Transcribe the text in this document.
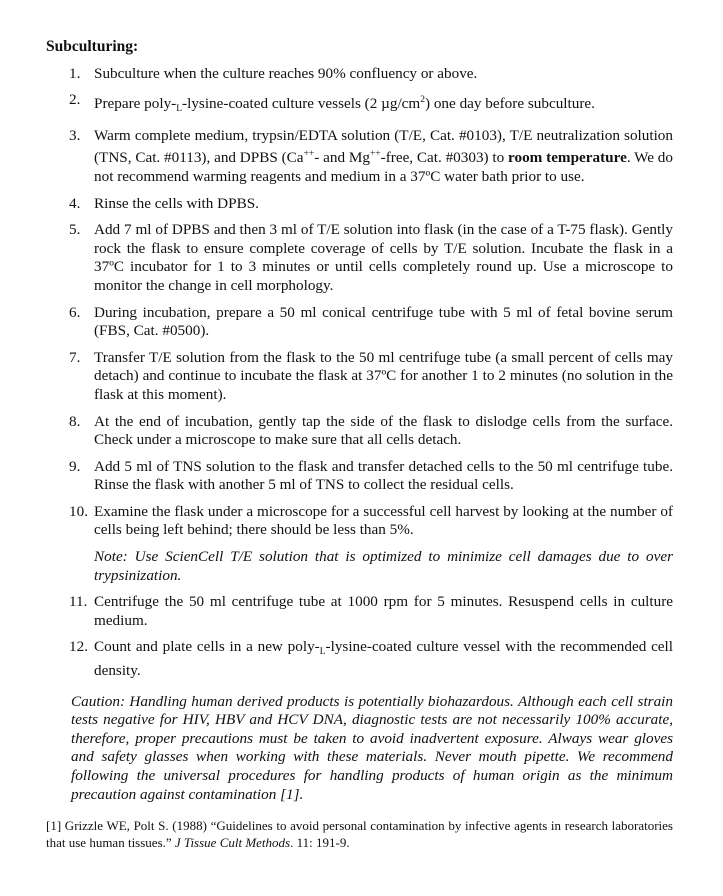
Subculturing:
1. Subculture when the culture reaches 90% confluency or above.
2. Prepare poly-$_L-lysine$-coated culture vessels (2 $\mu g/cm^2$) one day before subculture.
3. Warm complete medium, trypsin/EDTA solution (T/E, Cat. #0103), T/E neutralization solution (TNS, Cat. #0113), and DPBS (Ca++- and Mg++-free, Cat. #0303) to room temperature. We do not recommend warming reagents and medium in a 37ºC water bath prior to use.
4. Rinse the cells with DPBS.
5. Add 7 ml of DPBS and then 3 ml of T/E solution into flask (in the case of a T-75 flask). Gently rock the flask to ensure complete coverage of cells by T/E solution. Incubate the flask in a 37ºC incubator for 1 to 3 minutes or until cells completely round up. Use a microscope to monitor the change in cell morphology.
6. During incubation, prepare a 50 ml conical centrifuge tube with 5 ml of fetal bovine serum (FBS, Cat. #0500).
7. Transfer T/E solution from the flask to the 50 ml centrifuge tube (a small percent of cells may detach) and continue to incubate the flask at 37ºC for another 1 to 2 minutes (no solution in the flask at this moment).
8. At the end of incubation, gently tap the side of the flask to dislodge cells from the surface. Check under a microscope to make sure that all cells detach.
9. Add 5 ml of TNS solution to the flask and transfer detached cells to the 50 ml centrifuge tube. Rinse the flask with another 5 ml of TNS to collect the residual cells.
10. Examine the flask under a microscope for a successful cell harvest by looking at the number of cells being left behind; there should be less than 5%.
Note: Use ScienCell T/E solution that is optimized to minimize cell damages due to over trypsinization.
11. Centrifuge the 50 ml centrifuge tube at 1000 rpm for 5 minutes. Resuspend cells in culture medium.
12. Count and plate cells in a new poly-$_L-lysine$-coated culture vessel with the recommended cell density.
Caution: Handling human derived products is potentially biohazardous. Although each cell strain tests negative for HIV, HBV and HCV DNA, diagnostic tests are not necessarily 100% accurate, therefore, proper precautions must be taken to avoid inadvertent exposure. Always wear gloves and safety glasses when working with these materials. Never mouth pipette. We recommend following the universal procedures for handling products of human origin as the minimum precaution against contamination [1].
[1] Grizzle WE, Polt S. (1988) “Guidelines to avoid personal contamination by infective agents in research laboratories that use human tissues.” J Tissue Cult Methods. 11: 191-9.
